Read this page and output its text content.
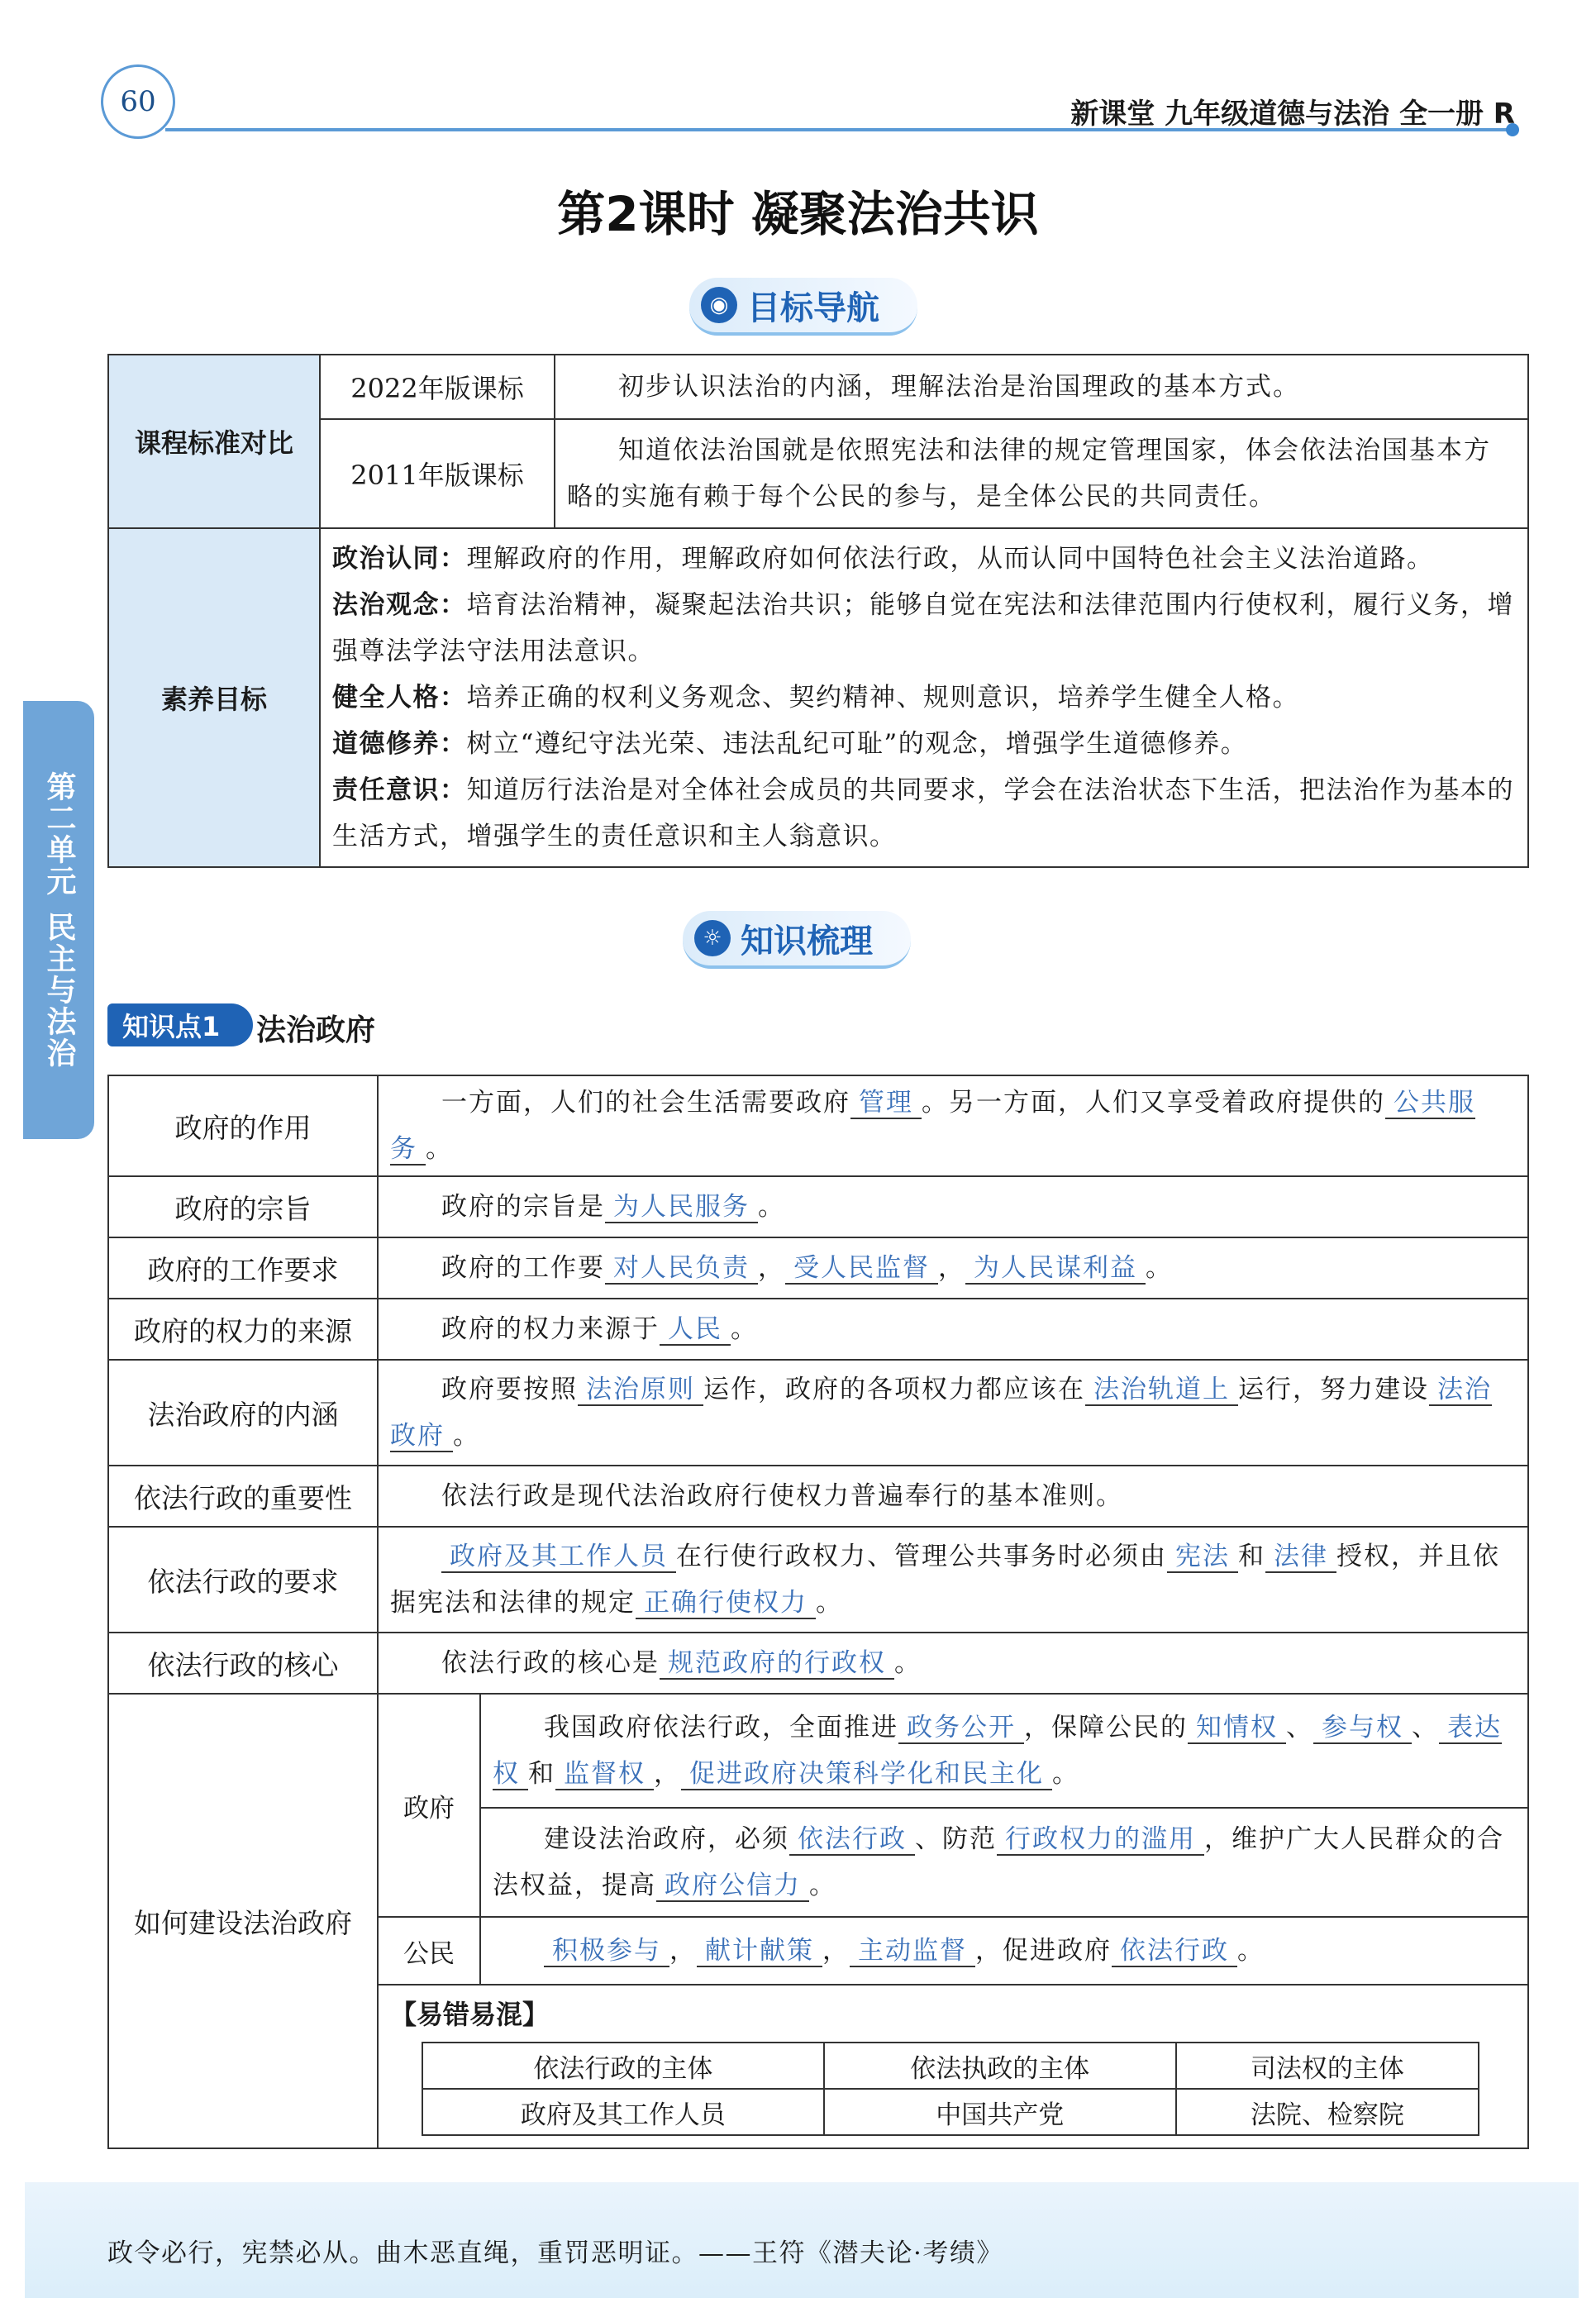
60	新课堂 九年级道德与法治 全一册 R
第2课时 凝聚法治共识
◉ 目标导航
课程标准对比	2022年版课标	初步认识法治的内涵，理解法治是治国理政的基本方式。
	2011年版课标	知道依法治国就是依照宪法和法律的规定管理国家，体会依法治国基本方略的实施有赖于每个公民的参与，是全体公民的共同责任。
素养目标	政治认同：理解政府的作用，理解政府如何依法行政，从而认同中国特色社会主义法治道路。
法治观念：培育法治精神，凝聚起法治共识；能够自觉在宪法和法律范围内行使权利，履行义务，增强尊法学法守法用法意识。
健全人格：培养正确的权利义务观念、契约精神、规则意识，培养学生健全人格。
道德修养：树立“遵纪守法光荣、违法乱纪可耻”的观念，增强学生道德修养。
责任意识：知道厉行法治是对全体社会成员的共同要求，学会在法治状态下生活，把法治作为基本的生活方式，增强学生的责任意识和主人翁意识。	
☼ 知识梳理
知识点1	法治政府
政府的作用	一方面，人们的社会生活需要政府 管理 。另一方面，人们又享受着政府提供的 公共服务 。
政府的宗旨	政府的宗旨是 为人民服务 。
政府的工作要求	政府的工作要 对人民负责 ， 受人民监督 ， 为人民谋利益 。
政府的权力的来源	政府的权力来源于 人民 。
法治政府的内涵	政府要按照 法治原则 运作，政府的各项权力都应该在 法治轨道上 运行，努力建设 法治政府 。
依法行政的重要性	依法行政是现代法治政府行使权力普遍奉行的基本准则。
依法行政的要求	政府及其工作人员 在行使行政权力、管理公共事务时必须由 宪法 和 法律 授权，并且依据宪法和法律的规定 正确行使权力 。
依法行政的核心	依法行政的核心是 规范政府的行政权 。
如何建设法治政府	政府	我国政府依法行政，全面推进 政务公开 ，保障公民的 知情权 、 参与权 、 表达权 和 监督权 ， 促进政府决策科学化和民主化 。
建设法治政府，必须 依法行政 、防范 行政权力的滥用 ，维护广大人民群众的合法权益，提高 政府公信力 。
公民	积极参与 ， 献计献策 ， 主动监督 ，促进政府 依法行政 。

【易错易混】
依法行政的主体	依法执政的主体	司法权的主体
政府及其工作人员	中国共产党	法院、检察院
第二单元
民主与法治
政令必行，宪禁必从。曲木恶直绳，重罚恶明证。——王符《潜夫论·考绩》
